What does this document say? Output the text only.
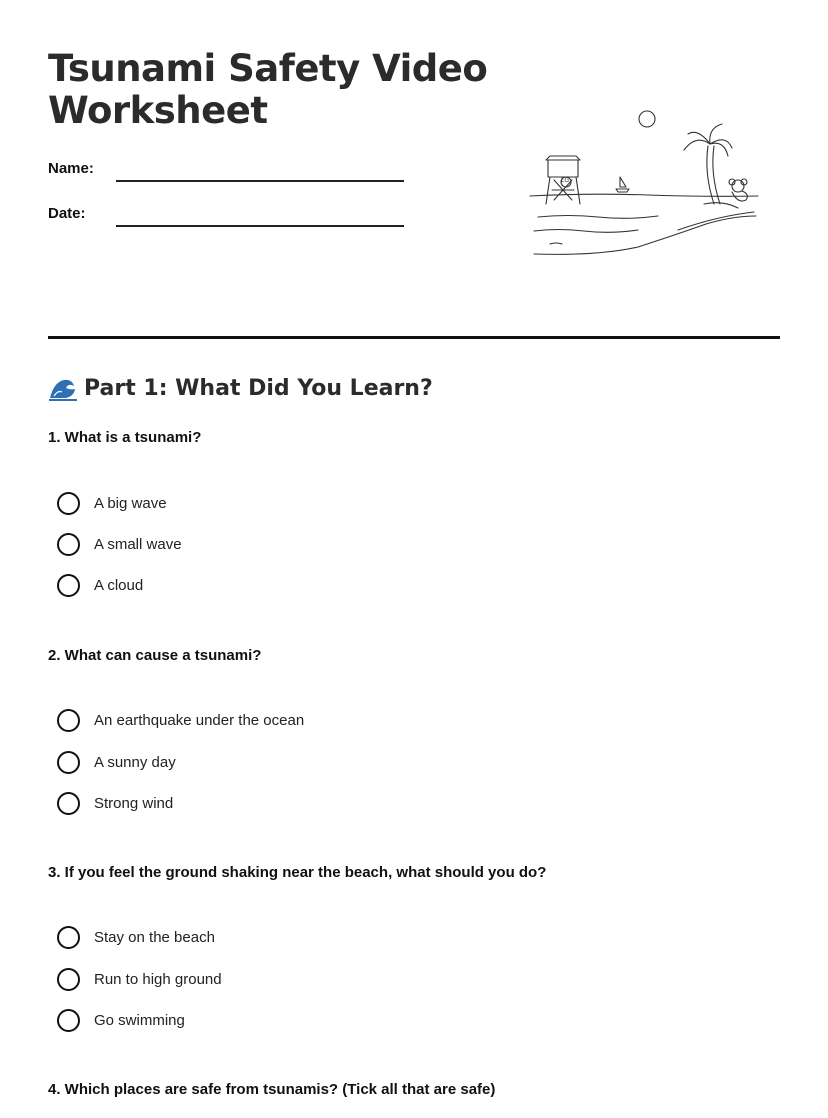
Tsunami Safety Video Worksheet
Name:
Date:
LG
Part 1: What Did You Learn?

1. What is a tsunami?

A big wave
A small wave
A cloud

2. What can cause a tsunami?

An earthquake under the ocean
A sunny day
Strong wind

3. If you feel the ground shaking near the beach, what should you do?

Stay on the beach
Run to high ground
Go swimming

4. Which places are safe from tsunamis? (Tick all that are safe)
